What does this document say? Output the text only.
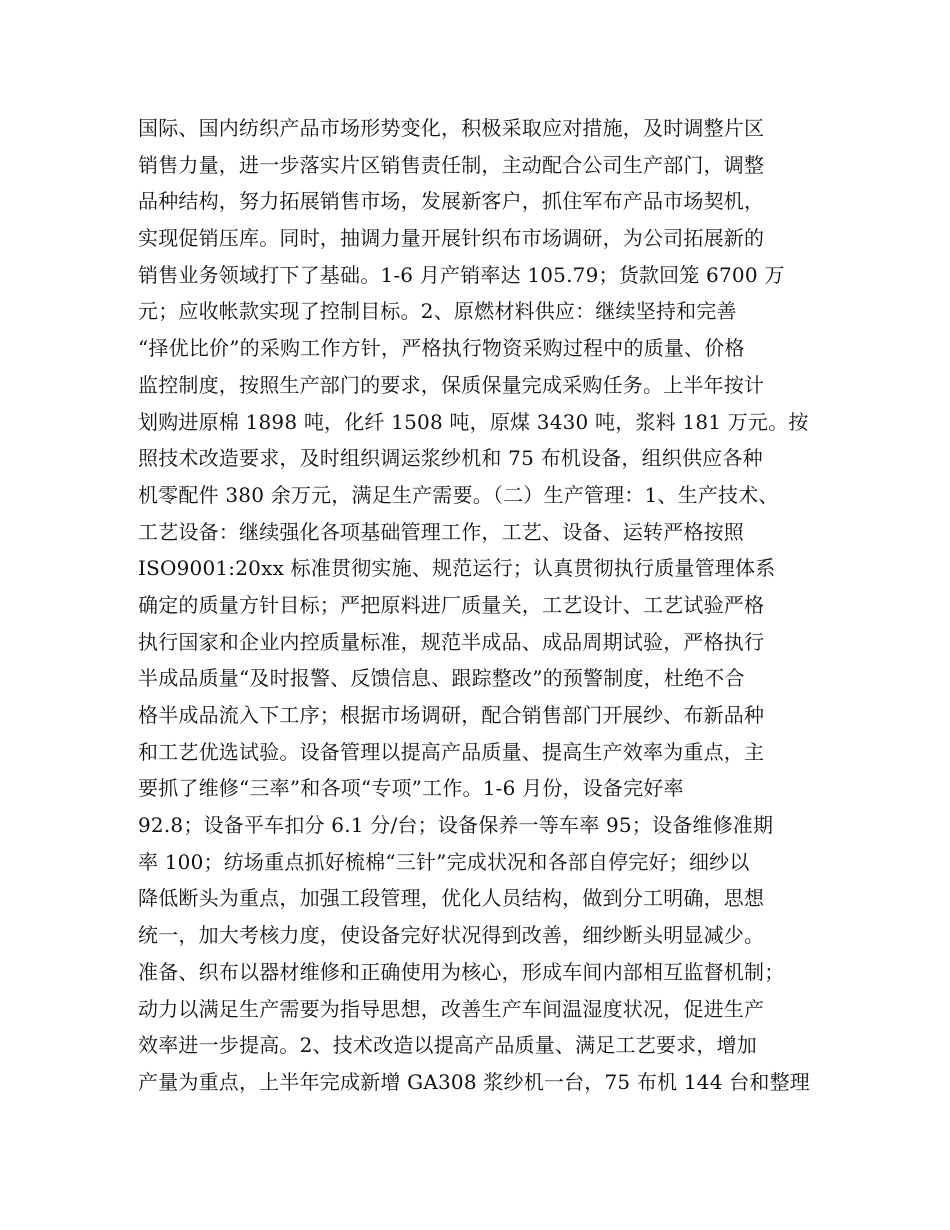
国际、国内纺织产品市场形势变化，积极采取应对措施，及时调整片区
销售力量，进一步落实片区销售责任制，主动配合公司生产部门，调整
品种结构，努力拓展销售市场，发展新客户，抓住军布产品市场契机，
实现促销压库。同时，抽调力量开展针织布市场调研，为公司拓展新的
销售业务领域打下了基础。1-6 月产销率达 105.79；货款回笼 6700 万
元；应收帐款实现了控制目标。2、原燃材料供应：继续坚持和完善
“择优比价”的采购工作方针，严格执行物资采购过程中的质量、价格
监控制度，按照生产部门的要求，保质保量完成采购任务。上半年按计
划购进原棉 1898 吨，化纤 1508 吨，原煤 3430 吨，浆料 181 万元。按
照技术改造要求，及时组织调运浆纱机和 75 布机设备，组织供应各种
机零配件 380 余万元，满足生产需要。（二）生产管理：1、生产技术、
工艺设备：继续强化各项基础管理工作，工艺、设备、运转严格按照
ISO9001:20xx 标准贯彻实施、规范运行；认真贯彻执行质量管理体系
确定的质量方针目标；严把原料进厂质量关，工艺设计、工艺试验严格
执行国家和企业内控质量标准，规范半成品、成品周期试验，严格执行
半成品质量“及时报警、反馈信息、跟踪整改”的预警制度，杜绝不合
格半成品流入下工序；根据市场调研，配合销售部门开展纱、布新品种
和工艺优选试验。设备管理以提高产品质量、提高生产效率为重点，主
要抓了维修“三率”和各项“专项”工作。1-6 月份，设备完好率
92.8；设备平车扣分 6.1 分/台；设备保养一等车率 95；设备维修准期
率 100；纺场重点抓好梳棉“三针”完成状况和各部自停完好；细纱以
降低断头为重点，加强工段管理，优化人员结构，做到分工明确，思想
统一，加大考核力度，使设备完好状况得到改善，细纱断头明显减少。
准备、织布以器材维修和正确使用为核心，形成车间内部相互监督机制；
动力以满足生产需要为指导思想，改善生产车间温湿度状况，促进生产
效率进一步提高。2、技术改造以提高产品质量、满足工艺要求，增加
产量为重点，上半年完成新增 GA308 浆纱机一台，75 布机 144 台和整理
